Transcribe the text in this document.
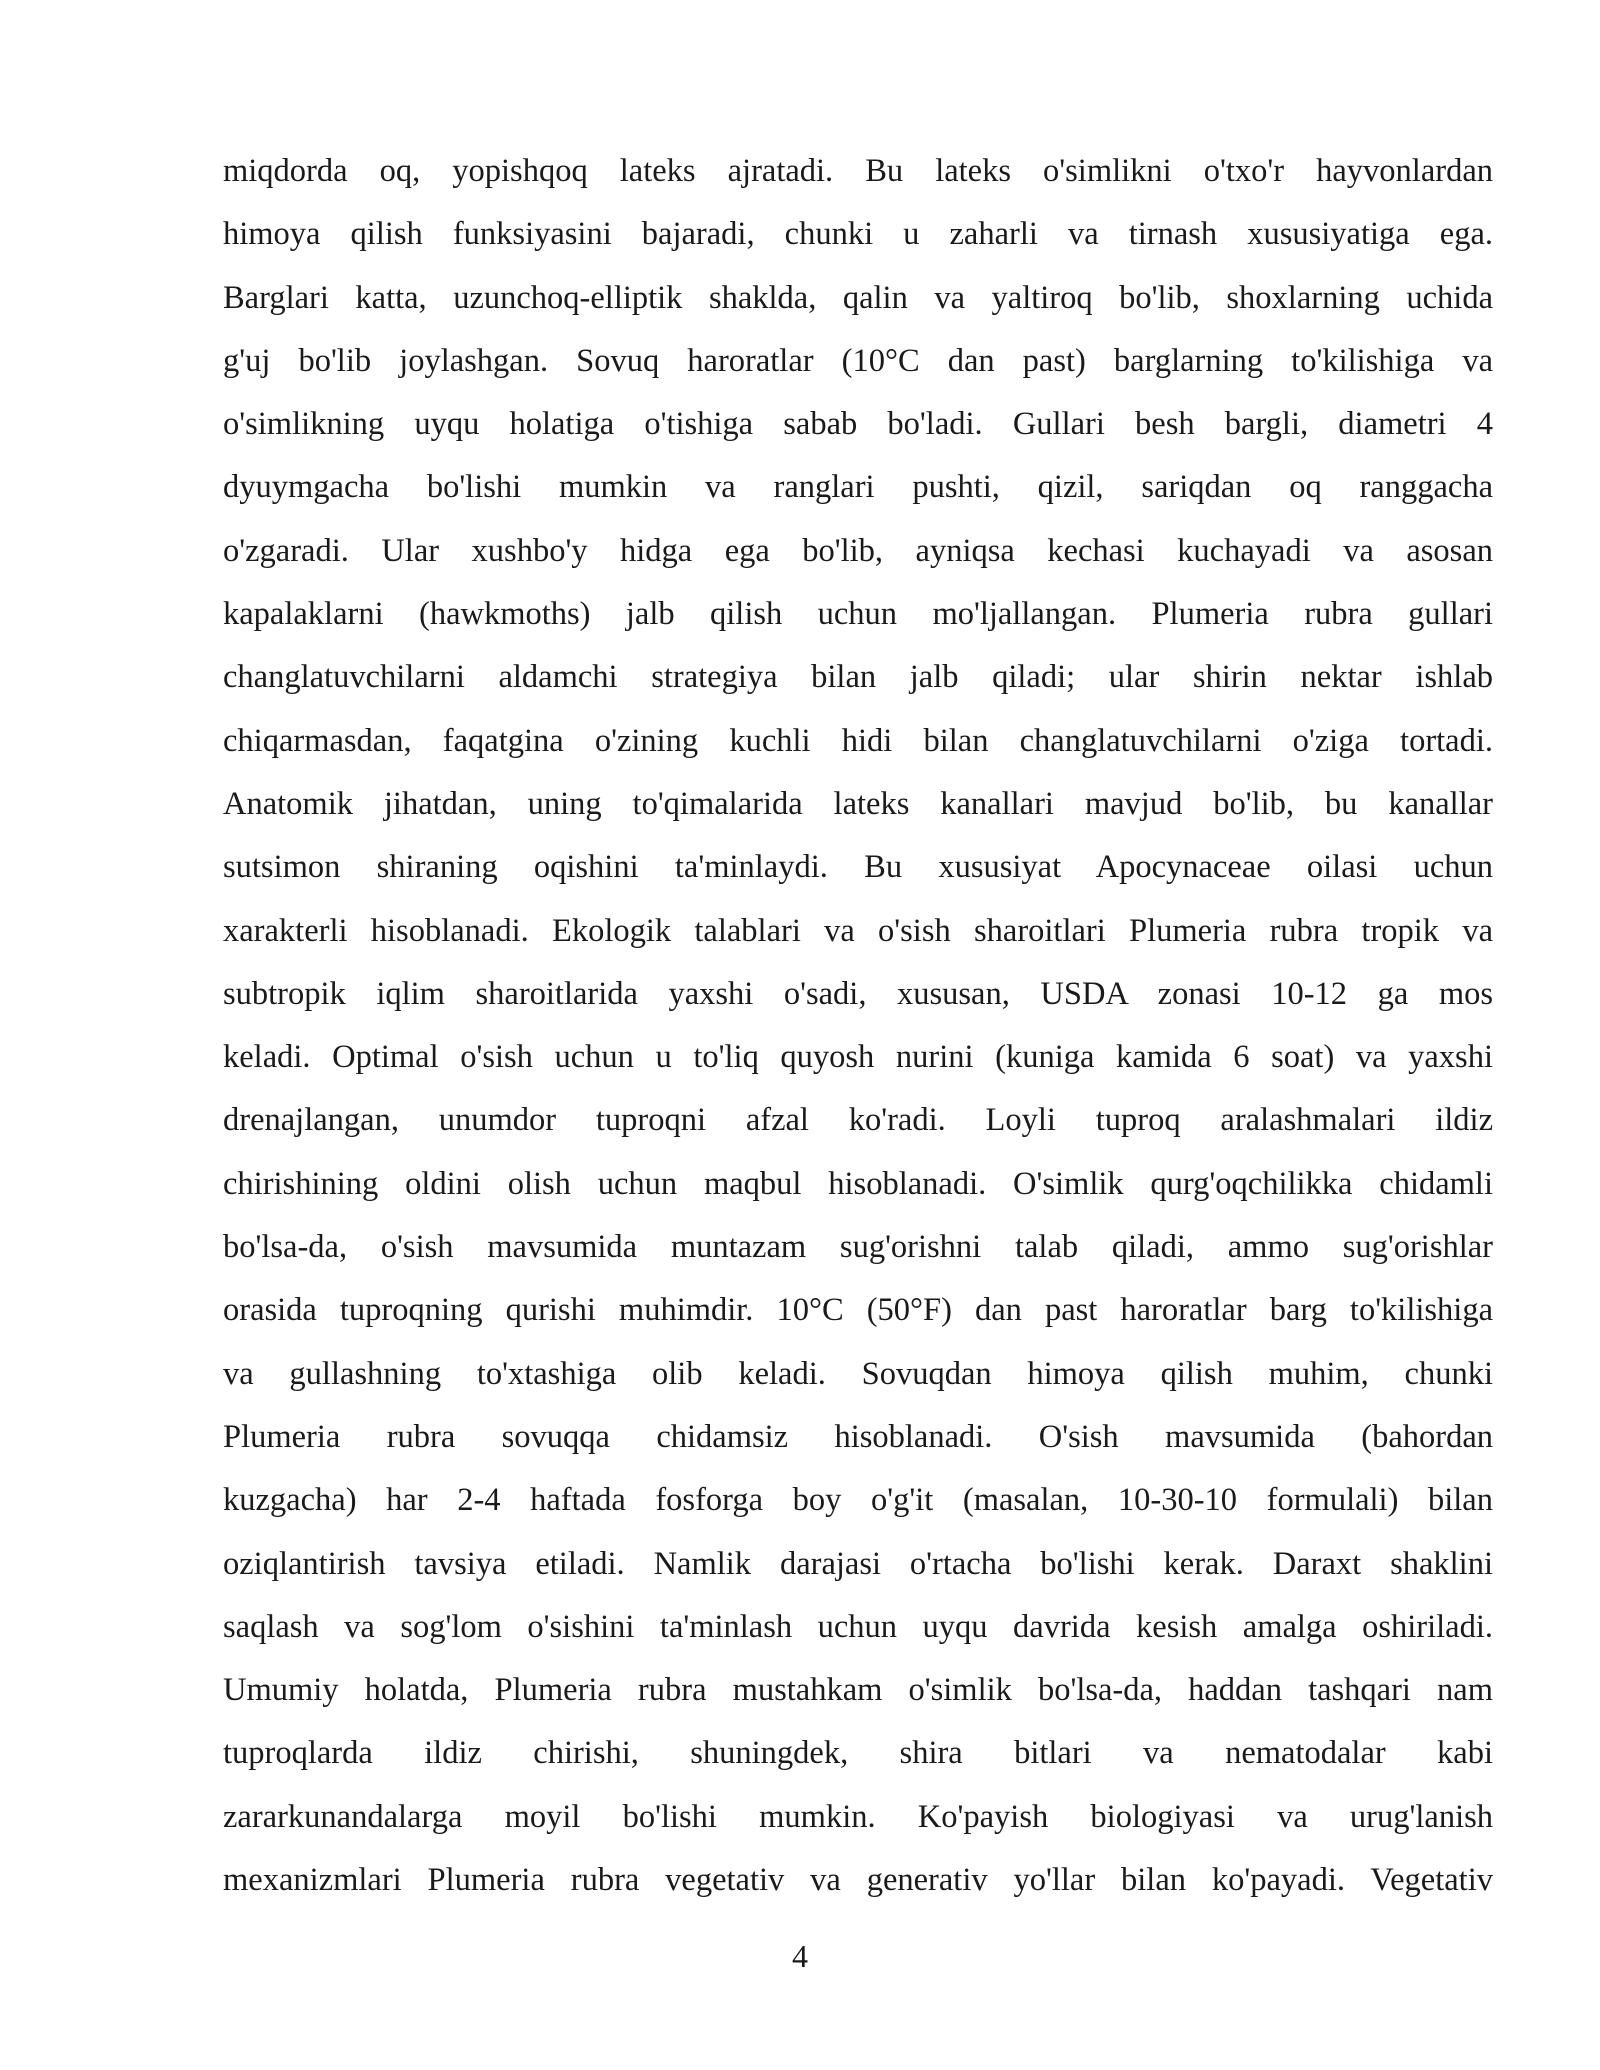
miqdorda oq, yopishqoq lateks ajratadi. Bu lateks o'simlikni o'txo'r hayvonlardan
himoya qilish funksiyasini bajaradi, chunki u zaharli va tirnash xususiyatiga ega.
Barglari katta, uzunchoq-elliptik shaklda, qalin va yaltiroq bo'lib, shoxlarning uchida
g'uj bo'lib joylashgan. Sovuq haroratlar (10°C dan past) barglarning to'kilishiga va
o'simlikning uyqu holatiga o'tishiga sabab bo'ladi. Gullari besh bargli, diametri 4
dyuymgacha bo'lishi mumkin va ranglari pushti, qizil, sariqdan oq ranggacha
o'zgaradi. Ular xushbo'y hidga ega bo'lib, ayniqsa kechasi kuchayadi va asosan
kapalaklarni (hawkmoths) jalb qilish uchun mo'ljallangan. Plumeria rubra gullari
changlatuvchilarni aldamchi strategiya bilan jalb qiladi; ular shirin nektar ishlab
chiqarmasdan, faqatgina o'zining kuchli hidi bilan changlatuvchilarni o'ziga tortadi.
Anatomik jihatdan, uning to'qimalarida lateks kanallari mavjud bo'lib, bu kanallar
sutsimon shiraning oqishini ta'minlaydi. Bu xususiyat Apocynaceae oilasi uchun
xarakterli hisoblanadi. Ekologik talablari va o'sish sharoitlari Plumeria rubra tropik va
subtropik iqlim sharoitlarida yaxshi o'sadi, xususan, USDA zonasi 10-12 ga mos
keladi. Optimal o'sish uchun u to'liq quyosh nurini (kuniga kamida 6 soat) va yaxshi
drenajlangan, unumdor tuproqni afzal ko'radi. Loyli tuproq aralashmalari ildiz
chirishining oldini olish uchun maqbul hisoblanadi. O'simlik qurg'oqchilikka chidamli
bo'lsa-da, o'sish mavsumida muntazam sug'orishni talab qiladi, ammo sug'orishlar
orasida tuproqning qurishi muhimdir. 10°C (50°F) dan past haroratlar barg to'kilishiga
va gullashning to'xtashiga olib keladi. Sovuqdan himoya qilish muhim, chunki
Plumeria rubra sovuqqa chidamsiz hisoblanadi. O'sish mavsumida (bahordan
kuzgacha) har 2-4 haftada fosforga boy o'g'it (masalan, 10-30-10 formulali) bilan
oziqlantirish tavsiya etiladi. Namlik darajasi o'rtacha bo'lishi kerak. Daraxt shaklini
saqlash va sog'lom o'sishini ta'minlash uchun uyqu davrida kesish amalga oshiriladi.
Umumiy holatda, Plumeria rubra mustahkam o'simlik bo'lsa-da, haddan tashqari nam
tuproqlarda ildiz chirishi, shuningdek, shira bitlari va nematodalar kabi
zararkunandalarga moyil bo'lishi mumkin. Ko'payish biologiyasi va urug'lanish
mexanizmlari Plumeria rubra vegetativ va generativ yo'llar bilan ko'payadi. Vegetativ
4
